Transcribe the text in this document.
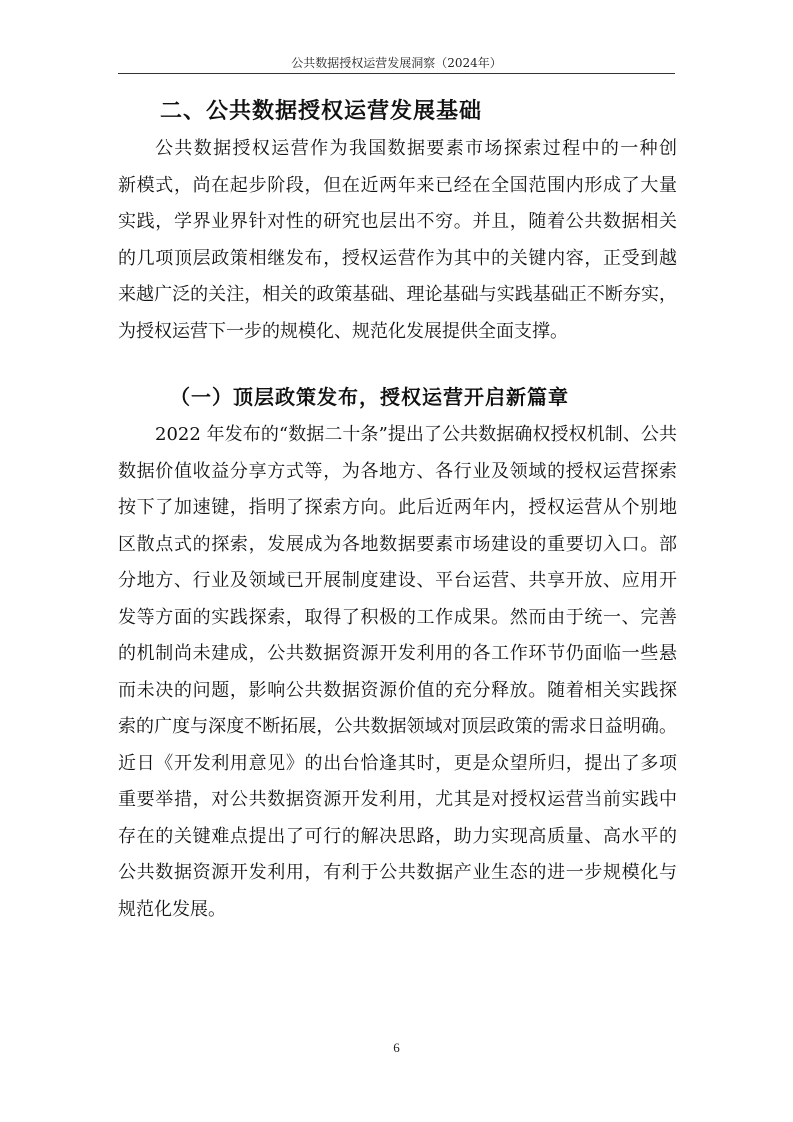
公共数据授权运营发展洞察（2024年）
二、公共数据授权运营发展基础

公共数据授权运营作为我国数据要素市场探索过程中的一种创
新模式，尚在起步阶段，但在近两年来已经在全国范围内形成了大量
实践，学界业界针对性的研究也层出不穷。并且，随着公共数据相关
的几项顶层政策相继发布，授权运营作为其中的关键内容，正受到越
来越广泛的关注，相关的政策基础、理论基础与实践基础正不断夯实，
为授权运营下一步的规模化、规范化发展提供全面支撑。

（一）顶层政策发布，授权运营开启新篇章

2022 年发布的“数据二十条”提出了公共数据确权授权机制、公共
数据价值收益分享方式等，为各地方、各行业及领域的授权运营探索
按下了加速键，指明了探索方向。此后近两年内，授权运营从个别地
区散点式的探索，发展成为各地数据要素市场建设的重要切入口。部
分地方、行业及领域已开展制度建设、平台运营、共享开放、应用开
发等方面的实践探索，取得了积极的工作成果。然而由于统一、完善
的机制尚未建成，公共数据资源开发利用的各工作环节仍面临一些悬
而未决的问题，影响公共数据资源价值的充分释放。随着相关实践探
索的广度与深度不断拓展，公共数据领域对顶层政策的需求日益明确。
近日《开发利用意见》的出台恰逢其时，更是众望所归，提出了多项
重要举措，对公共数据资源开发利用，尤其是对授权运营当前实践中
存在的关键难点提出了可行的解决思路，助力实现高质量、高水平的
公共数据资源开发利用，有利于公共数据产业生态的进一步规模化与
规范化发展。

6
